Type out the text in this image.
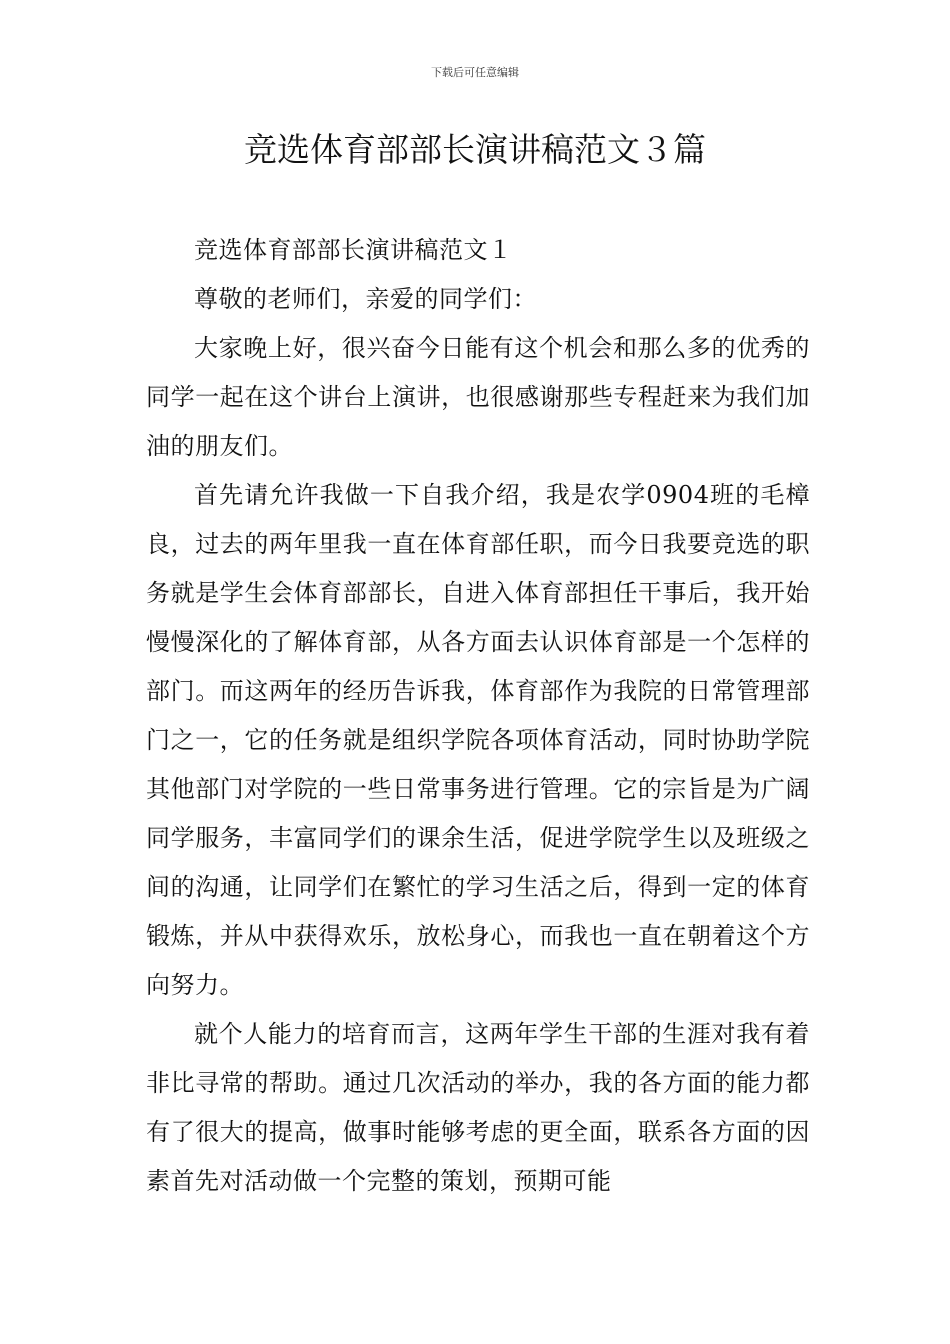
下载后可任意编辑
竞选体育部部长演讲稿范文３篇

竞选体育部部长演讲稿范文１

尊敬的老师们，亲爱的同学们：

大家晚上好，很兴奋今日能有这个机会和那么多的优秀的同学一起在这个讲台上演讲，也很感谢那些专程赶来为我们加油的朋友们。

首先请允许我做一下自我介绍，我是农学0904班的毛樟良，过去的两年里我一直在体育部任职，而今日我要竞选的职务就是学生会体育部部长，自进入体育部担任干事后，我开始慢慢深化的了解体育部，从各方面去认识体育部是一个怎样的部门。而这两年的经历告诉我，体育部作为我院的日常管理部门之一，它的任务就是组织学院各项体育活动，同时协助学院其他部门对学院的一些日常事务进行管理。它的宗旨是为广阔同学服务，丰富同学们的课余生活，促进学院学生以及班级之间的沟通，让同学们在繁忙的学习生活之后，得到一定的体育锻炼，并从中获得欢乐，放松身心，而我也一直在朝着这个方向努力。

就个人能力的培育而言，这两年学生干部的生涯对我有着非比寻常的帮助。通过几次活动的举办，我的各方面的能力都有了很大的提高，做事时能够考虑的更全面，联系各方面的因素首先对活动做一个完整的策划，预期可能
